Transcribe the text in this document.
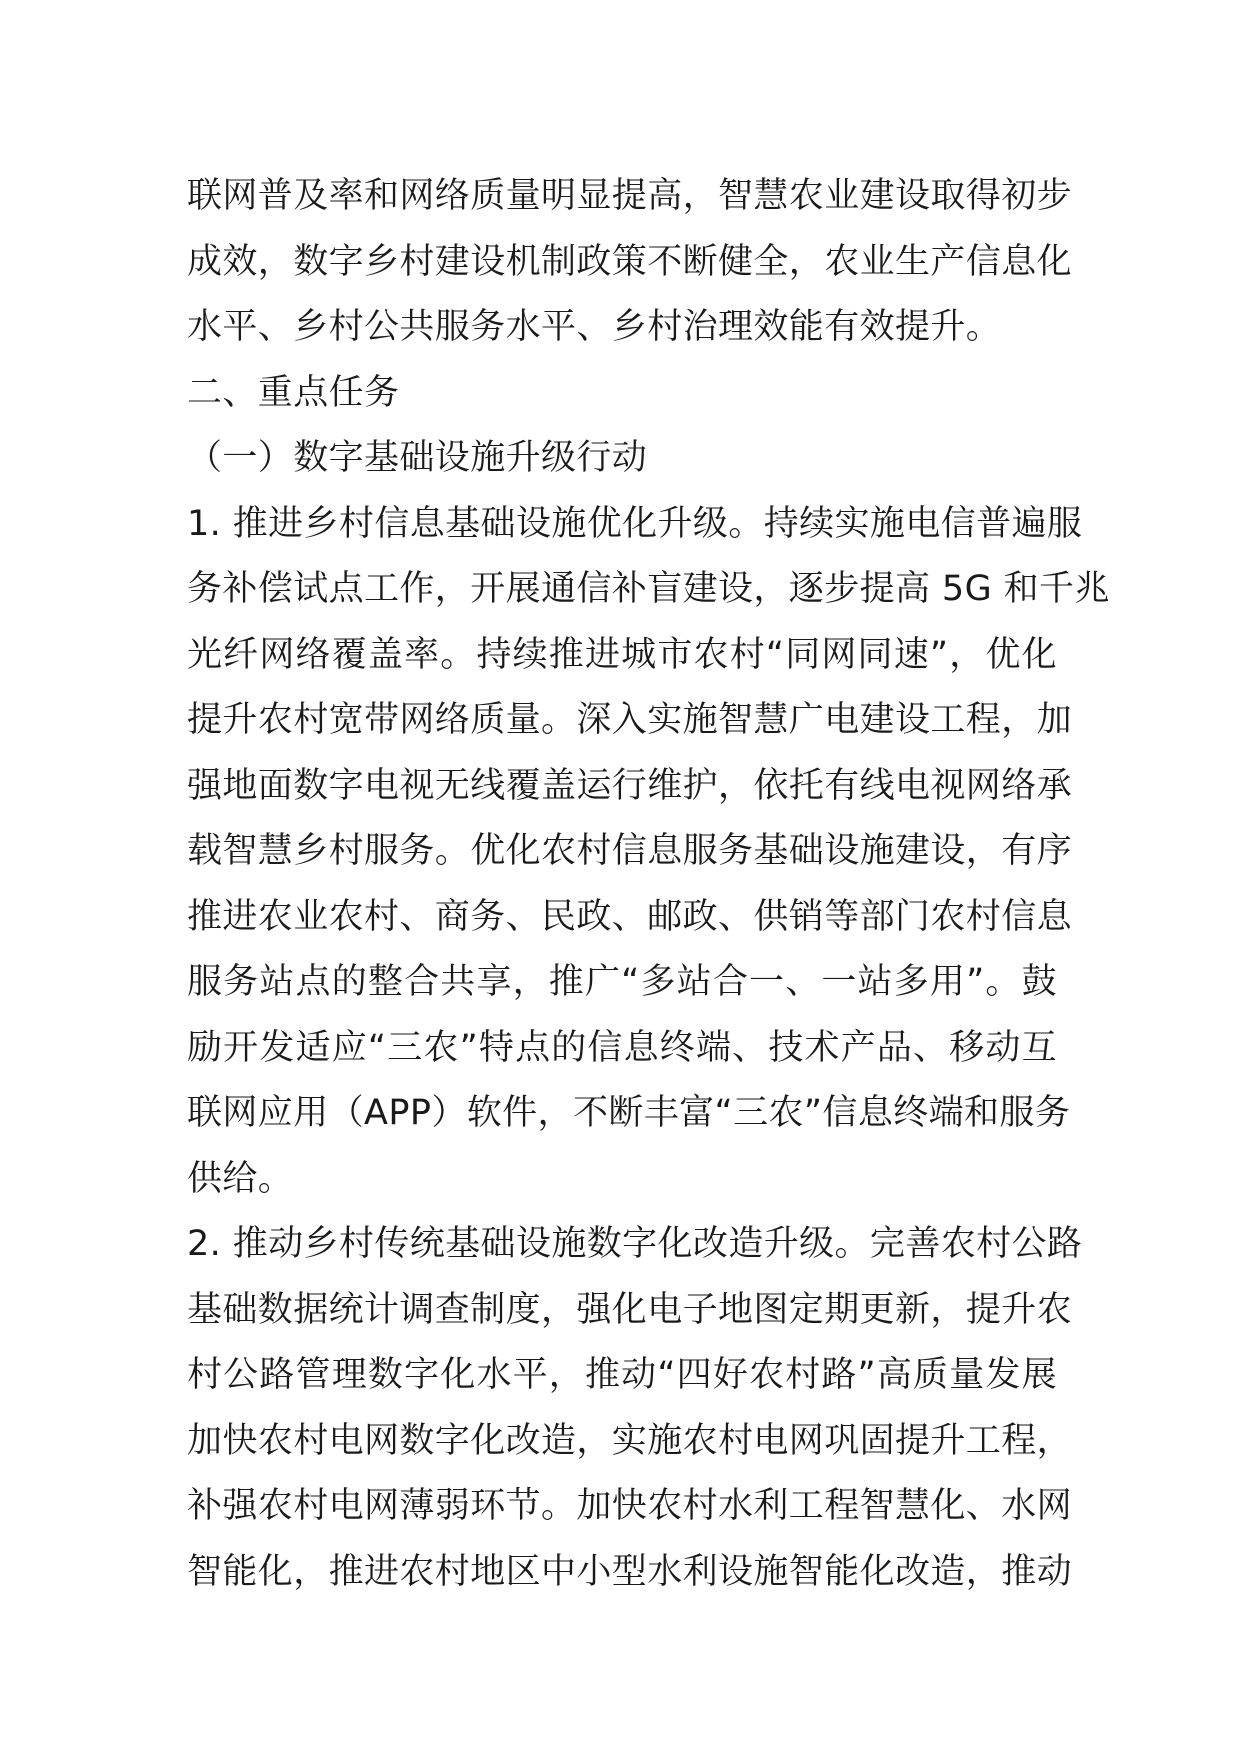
联网普及率和网络质量明显提高，智慧农业建设取得初步
成效，数字乡村建设机制政策不断健全，农业生产信息化
水平、乡村公共服务水平、乡村治理效能有效提升。
二、重点任务
（一）数字基础设施升级行动
1. 推进乡村信息基础设施优化升级。持续实施电信普遍服
务补偿试点工作，开展通信补盲建设，逐步提高 5G 和千兆
光纤网络覆盖率。持续推进城市农村“同网同速”，优化
提升农村宽带网络质量。深入实施智慧广电建设工程，加
强地面数字电视无线覆盖运行维护，依托有线电视网络承
载智慧乡村服务。优化农村信息服务基础设施建设，有序
推进农业农村、商务、民政、邮政、供销等部门农村信息
服务站点的整合共享，推广“多站合一、一站多用”。鼓
励开发适应“三农”特点的信息终端、技术产品、移动互
联网应用（APP）软件，不断丰富“三农”信息终端和服务
供给。
2. 推动乡村传统基础设施数字化改造升级。完善农村公路
基础数据统计调查制度，强化电子地图定期更新，提升农
村公路管理数字化水平，推动“四好农村路”高质量发展
加快农村电网数字化改造，实施农村电网巩固提升工程，
补强农村电网薄弱环节。加快农村水利工程智慧化、水网
智能化，推进农村地区中小型水利设施智能化改造，推动
